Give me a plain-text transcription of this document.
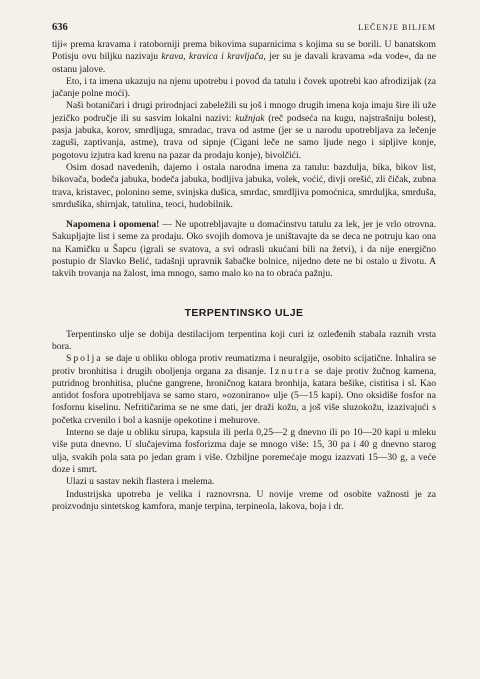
636	LEČENJE BILJEM

tiji« prema kravama i ratoborniji prema bikovima suparnicima s kojima su se borili. U banatskom Potisju ovu biljku nazivaju krava, kravica i kravljača, jer su je davali kravama »da vode«, da ne ostanu jalove.

Eto, i ta imena ukazuju na njenu upotrebu i povod da tatulu i čovek upotrebi kao afrodizijak (za jačanje polne moći).

Naši botaničari i drugi prirodnjaci zabeležili su još i mnogo drugih imena koja imaju šire ili uže jezičko područje ili su sasvim lokalni nazivi: kužnjak (reč podseća na kugu, najstrašniju bolest), pasja jabuka, korov, smrdljuga, smradac, trava od astme (jer se u narodu upotrebljava za lečenje zaguši, zaptivanja, astme), trava od sipnje (Cigani leče ne samo ljude nego i sipljive konje, pogotovu izjutra kad krenu na pazar da prodaju konje), bivolčići.

Osim dosad navedenih, dajemo i ostala narodna imena za tatulu: bazdulja, bika, bikov list, bikovača, bodeča jabuka, bodeča jabuka, bodljiva jabuka, volek, voćić, divji orešić, zli čičak, zubna trava, kristavec, polonino seme, svinjska dušica, smrdac, smrdljiva pomoćnica, smrduljka, smrduša, smrdušika, shirnjak, tatulina, teoci, hudobilnik.

Napomena i opomena! — Ne upotrebljavajte u domaćinstvu tatulu za lek, jer je vrlo otrovna. Sakupljajte list i seme za prodaju. Oko svojih domova je uništavajte da se deca ne potruju kao ona na Kamičku u Šapcu (igrali se svatova, a svi odrasli ukućani bili na žetvi), i da nije energično postupio dr Slavko Belić, tadašnji upravnik šabačke bolnice, nijedno dete ne bi ostalo u životu. A takvih trovanja na žalost, ima mnogo, samo malo ko na to obraća pažnju.

TERPENTINSKO ULJE

Terpentinsko ulje se dobija destilacijom terpentina koji curi iz ozleđenih stabala raznih vrsta bora.

Spolja se daje u obliku obloga protiv reumatizma i neuralgije, osobito scijatične. Inhalira se protiv bronhitisa i drugih oboljenja organa za disanje. Iznutra se daje protiv žučnog kamena, putridnog bronhitisa, plućne gangrene, hroničnog katara bronhija, katara bešike, cistitisa i sl. Kao antidot fosfora upotrebljava se samo staro, »ozonirano« ulje (5—15 kapi). Ono oksidiše fosfor na fosfornu kiselinu. Nefritičarima se ne sme dati, jer draži kožu, a još više sluzokožu, izazivajući s početka crvenilo i bol a kasnije opekotine i mehurove.

Interno se daje u obliku sirupa, kapsula ili perla 0,25—2 g dnevno ili po 10—20 kapi u mleku više puta dnevno. U slučajevima fosforizma daje se mnogo više: 15, 30 pa i 40 g dnevno starog ulja, svakih pola sata po jedan gram i više. Ozbiljne poremećaje mogu izazvati 15—30 g, a veće doze i smrt.

Ulazi u sastav nekih flastera i melema.

Industrijska upotreba je velika i raznovrsna. U novije vreme od osobite važnosti je za proizvodnju sintetskog kamfora, manje terpina, terpineola, lakova, boja i dr.
